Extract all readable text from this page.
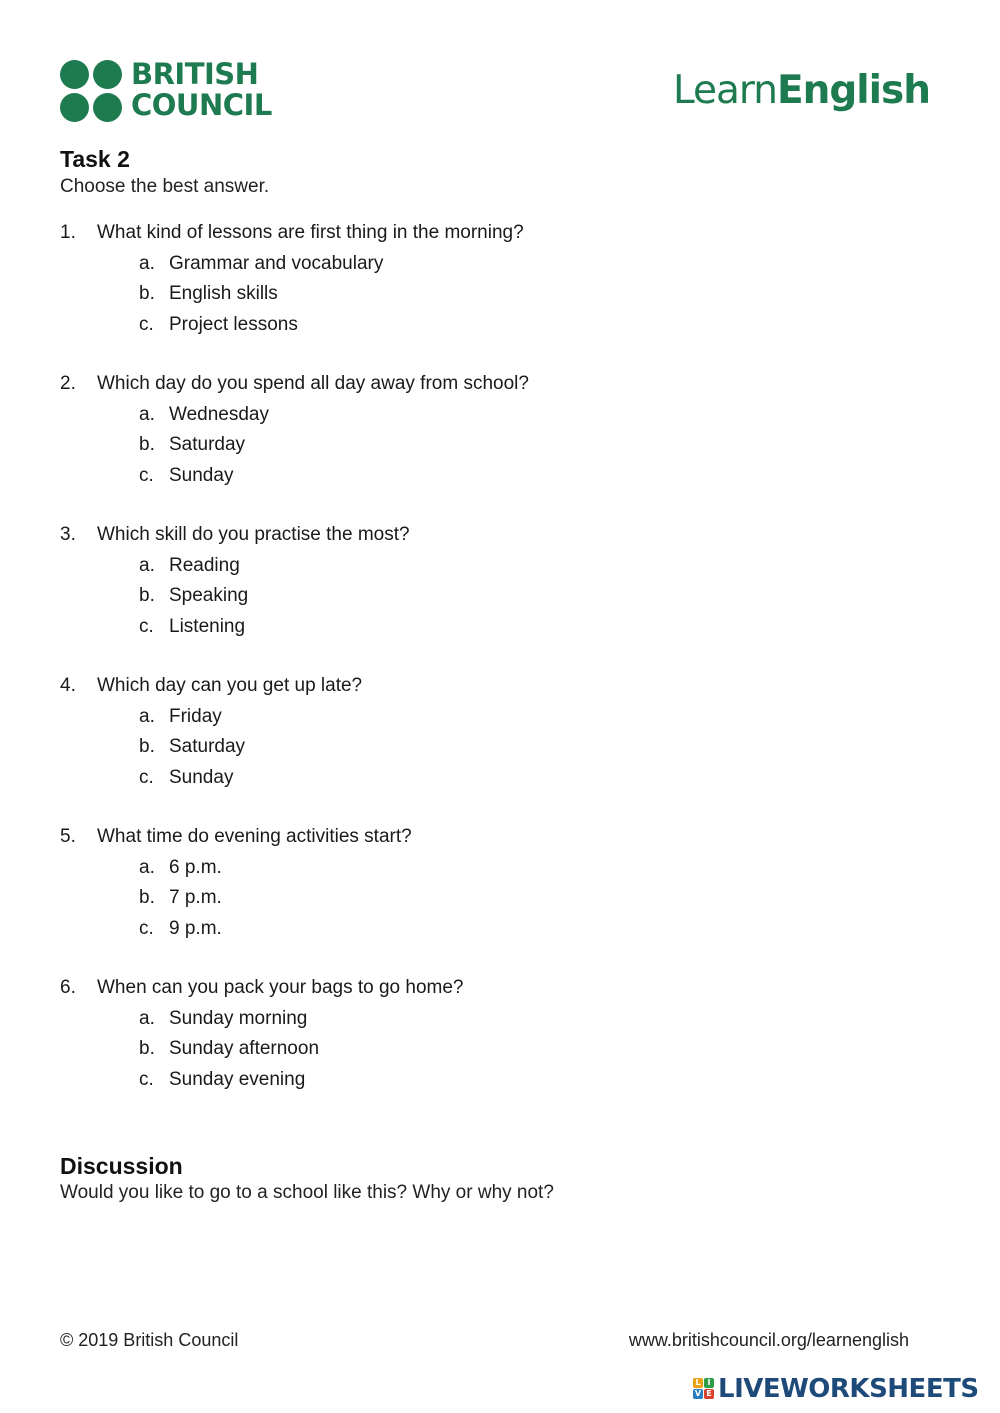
BRITISH
COUNCIL	LearnEnglish
Task 2
Choose the best answer.
1. What kind of lessons are first thing in the morning?
a. Grammar and vocabulary
b. English skills
c. Project lessons
2. Which day do you spend all day away from school?
a. Wednesday
b. Saturday
c. Sunday
3. Which skill do you practise the most?
a. Reading
b. Speaking
c. Listening
4. Which day can you get up late?
a. Friday
b. Saturday
c. Sunday
5. What time do evening activities start?
a. 6 p.m.
b. 7 p.m.
c. 9 p.m.
6. When can you pack your bags to go home?
a. Sunday morning
b. Sunday afternoon
c. Sunday evening
Discussion
Would you like to go to a school like this? Why or why not?
© 2019 British Council	www.britishcouncil.org/learnenglish
L I
V E LIVEWORKSHEETS
